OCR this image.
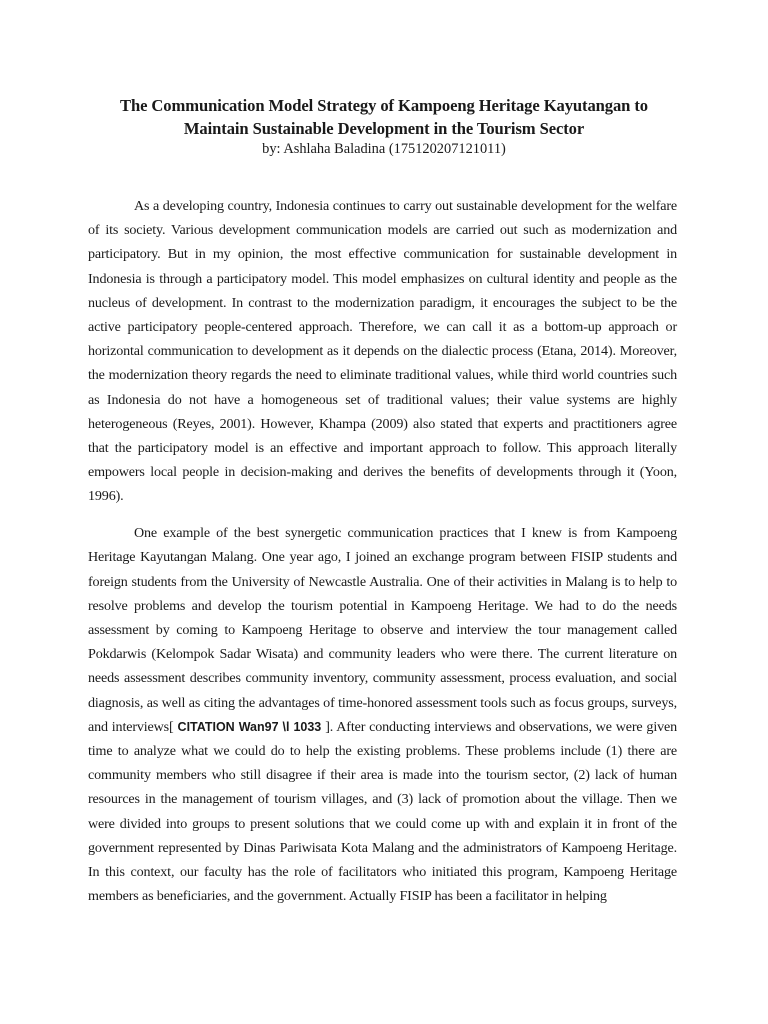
The Communication Model Strategy of Kampoeng Heritage Kayutangan to
Maintain Sustainable Development in the Tourism Sector

by: Ashlaha Baladina (175120207121011)

As a developing country, Indonesia continues to carry out sustainable development for the welfare of its society. Various development communication models are carried out such as modernization and participatory. But in my opinion, the most effective communication for sustainable development in Indonesia is through a participatory model. This model emphasizes on cultural identity and people as the nucleus of development. In contrast to the modernization paradigm, it encourages the subject to be the active participatory people-centered approach. Therefore, we can call it as a bottom-up approach or horizontal communication to development as it depends on the dialectic process (Etana, 2014). Moreover, the modernization theory regards the need to eliminate traditional values, while third world countries such as Indonesia do not have a homogeneous set of traditional values; their value systems are highly heterogeneous (Reyes, 2001). However, Khampa (2009) also stated that experts and practitioners agree that the participatory model is an effective and important approach to follow. This approach literally empowers local people in decision-making and derives the benefits of developments through it (Yoon, 1996).

One example of the best synergetic communication practices that I knew is from Kampoeng Heritage Kayutangan Malang. One year ago, I joined an exchange program between FISIP students and foreign students from the University of Newcastle Australia. One of their activities in Malang is to help to resolve problems and develop the tourism potential in Kampoeng Heritage. We had to do the needs assessment by coming to Kampoeng Heritage to observe and interview the tour management called Pokdarwis (Kelompok Sadar Wisata) and community leaders who were there. The current literature on needs assessment describes community inventory, community assessment, process evaluation, and social diagnosis, as well as citing the advantages of time-honored assessment tools such as focus groups, surveys, and interviews[ CITATION Wan97 \l 1033 ]. After conducting interviews and observations, we were given time to analyze what we could do to help the existing problems. These problems include (1) there are community members who still disagree if their area is made into the tourism sector, (2) lack of human resources in the management of tourism villages, and (3) lack of promotion about the village. Then we were divided into groups to present solutions that we could come up with and explain it in front of the government represented by Dinas Pariwisata Kota Malang and the administrators of Kampoeng Heritage. In this context, our faculty has the role of facilitators who initiated this program, Kampoeng Heritage members as beneficiaries, and the government. Actually FISIP has been a facilitator in helping
